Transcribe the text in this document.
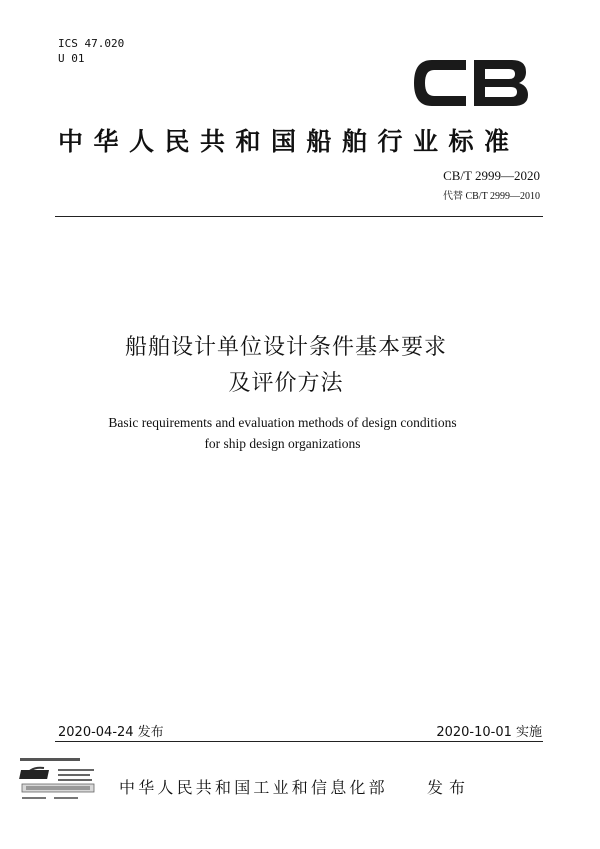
ICS 47.020
U 01
中华人民共和国船舶行业标准
CB/T 2999—2020
代替 CB/T 2999—2010
船舶设计单位设计条件基本要求
及评价方法
Basic requirements and evaluation methods of design conditions
for ship design organizations
2020-04-24 发布	2020-10-01 实施
中华人民共和国工业和信息化部 发布
